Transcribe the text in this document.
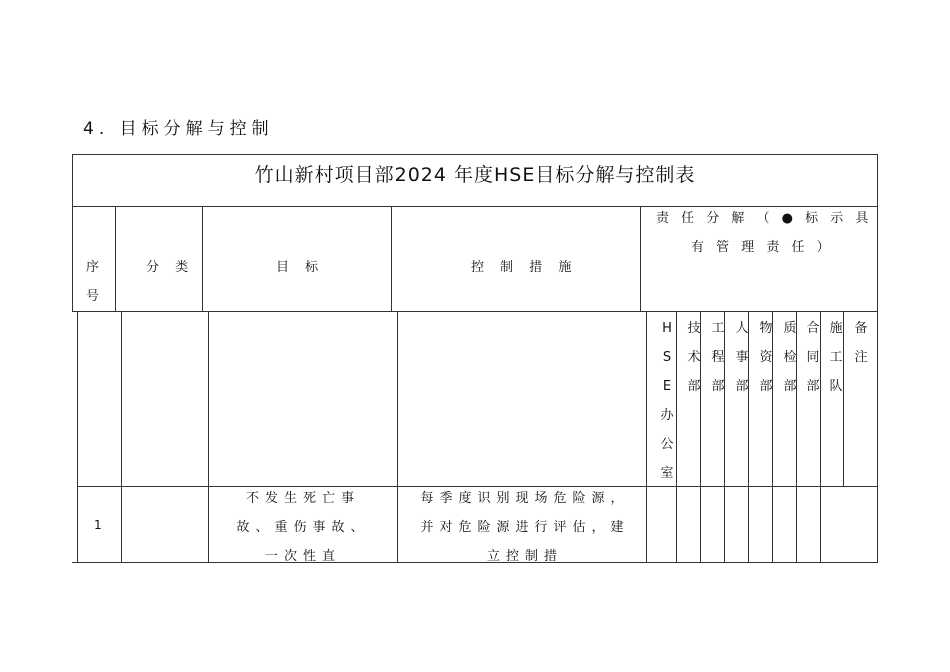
4. 目标分解与控制
竹山新村项目部2024 年度HSE目标分解与控制表
序
号
分 类	目 标	控 制 措 施
责 任 分 解 （ ● 标 示 具
有 管 理 责 任 ）
H
S
E
办
公
室
技
术
部
工
程
部
人
事
部
物
资
部
质
检
部
合
同
部
施
工
队
备
注
1
不发生死亡事故、重伤事故、一次性直
每季度识别现场危险源，并对危险源进行评估，建立控制措
